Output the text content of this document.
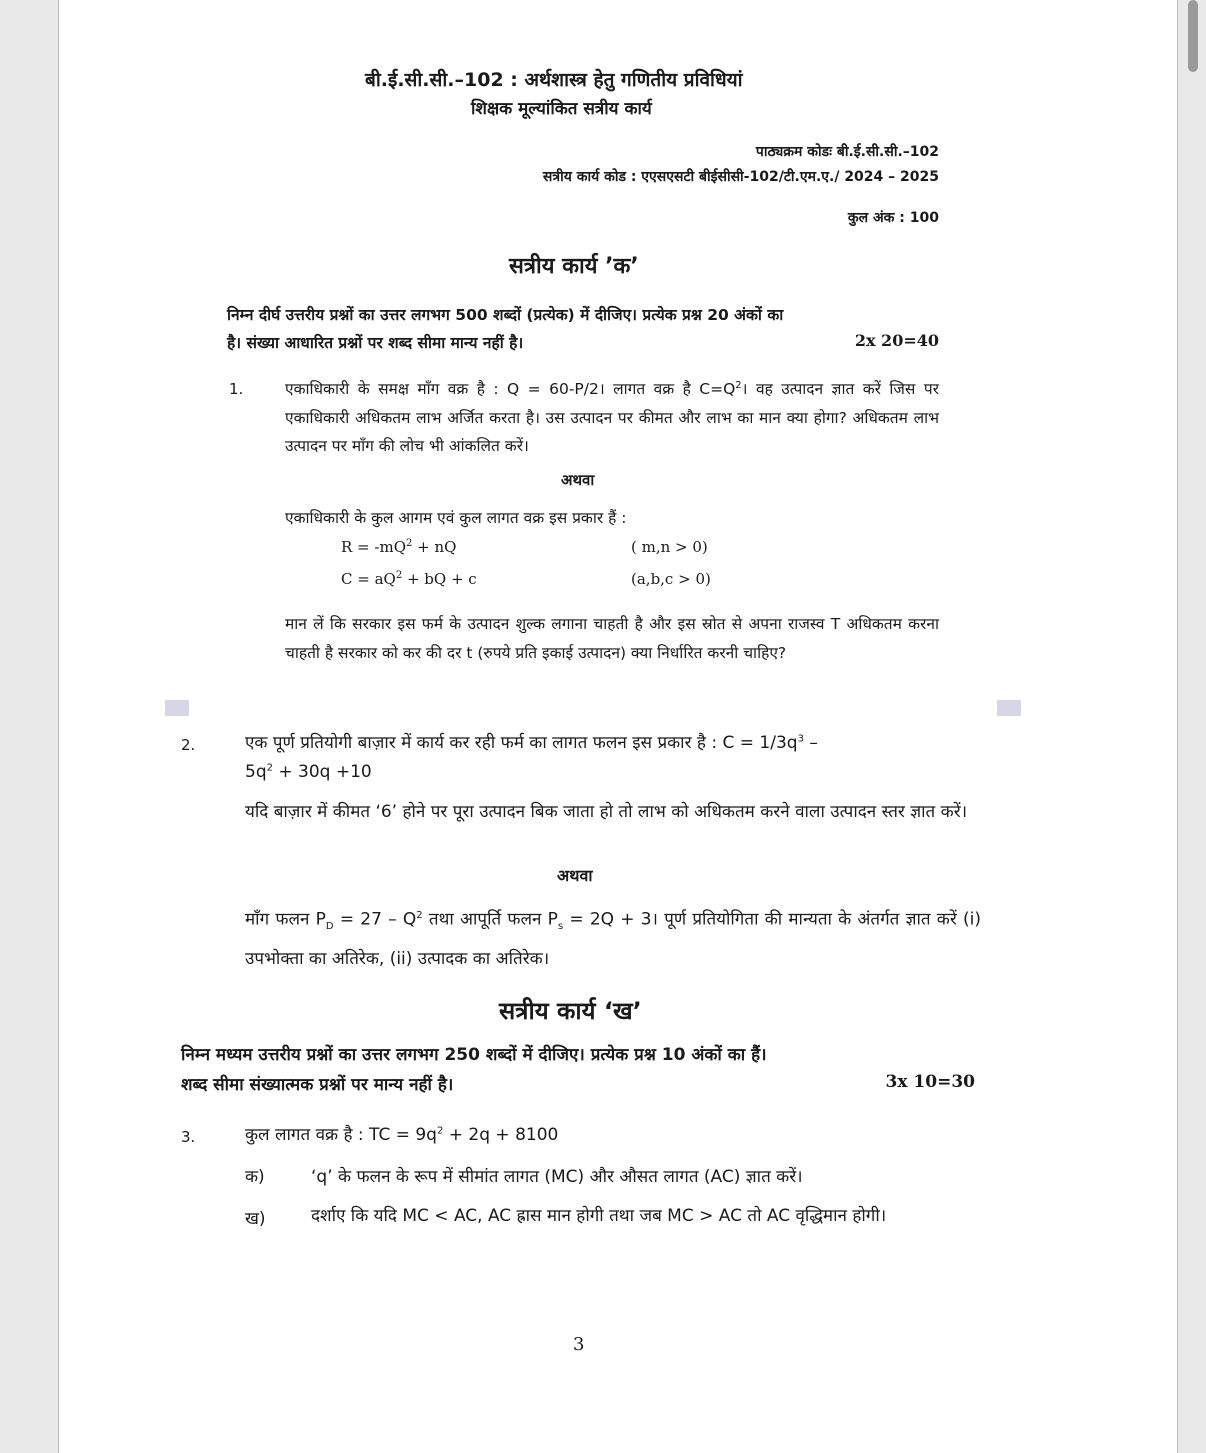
बी.ई.सी.सी.–102 : अर्थशास्त्र हेतु गणितीय प्रविधियां
शिक्षक मूल्यांकित सत्रीय कार्य
पाठ्यक्रम कोडः बी.ई.सी.सी.–102
सत्रीय कार्य कोड : एएसएसटी बीईसीसी-102/टी.एम.ए./ 2024 – 2025
कुल अंक : 100
सत्रीय कार्य ’क’
निम्न दीर्घ उत्तरीय प्रश्नों का उत्तर लगभग 500 शब्दों (प्रत्येक) में दीजिए। प्रत्येक प्रश्न 20 अंकों का
है। संख्या आधारित प्रश्नों पर शब्द सीमा मान्य नहीं है।	2x 20=40
1.	एकाधिकारी के समक्ष माँग वक्र है : Q = 60-P/2। लागत वक्र है $C=Q^2।$ वह उत्पादन ज्ञात करें जिस पर एकाधिकारी अधिकतम लाभ अर्जित करता है। उस उत्पादन पर कीमत और लाभ का मान क्या होगा? अधिकतम लाभ उत्पादन पर माँग की लोच भी आंकलित करें।
अथवा
एकाधिकारी के कुल आगम एवं कुल लागत वक्र इस प्रकार हैं :
$R = -mQ^2$ + nQ	( m,n > 0)
$C = aQ^2$ + bQ + c	(a,b,c > 0)
मान लें कि सरकार इस फर्म के उत्पादन शुल्क लगाना चाहती है और इस स्रोत से अपना राजस्व T अधिकतम करना चाहती है सरकार को कर की दर t (रुपये प्रति इकाई उत्पादन) क्या निर्धारित करनी चाहिए?
2.	एक पूर्ण प्रतियोगी बाज़ार में कार्य कर रही फर्म का लागत फलन इस प्रकार है : $C = 1/3q^3$ –
$5q^2 + 30q +10$
यदि बाज़ार में कीमत ‘6’ होने पर पूरा उत्पादन बिक जाता हो तो लाभ को अधिकतम करने वाला उत्पादन स्तर ज्ञात करें।
अथवा
माँग फलन $P_D = 27 - Q^2$ तथा आपूर्ति फलन $P_s = 2Q$ + 3। पूर्ण प्रतियोगिता की मान्यता के अंतर्गत ज्ञात करें (i) उपभोक्ता का अतिरेक, (ii) उत्पादक का अतिरेक।
सत्रीय कार्य ‘ख’
निम्न मध्यम उत्तरीय प्रश्नों का उत्तर लगभग 250 शब्दों में दीजिए। प्रत्येक प्रश्न 10 अंकों का हैं।
शब्द सीमा संख्यात्मक प्रश्नों पर मान्य नहीं है।	3x 10=30
3.	कुल लागत वक्र है : TC = $9q^2 + 2q + 8100$
क)	‘q’ के फलन के रूप में सीमांत लागत (MC) और औसत लागत (AC) ज्ञात करें।
ख)	दर्शाए कि यदि MC < AC, AC ह्रास मान होगी तथा जब MC > AC तो AC वृद्धिमान होगी।
3
